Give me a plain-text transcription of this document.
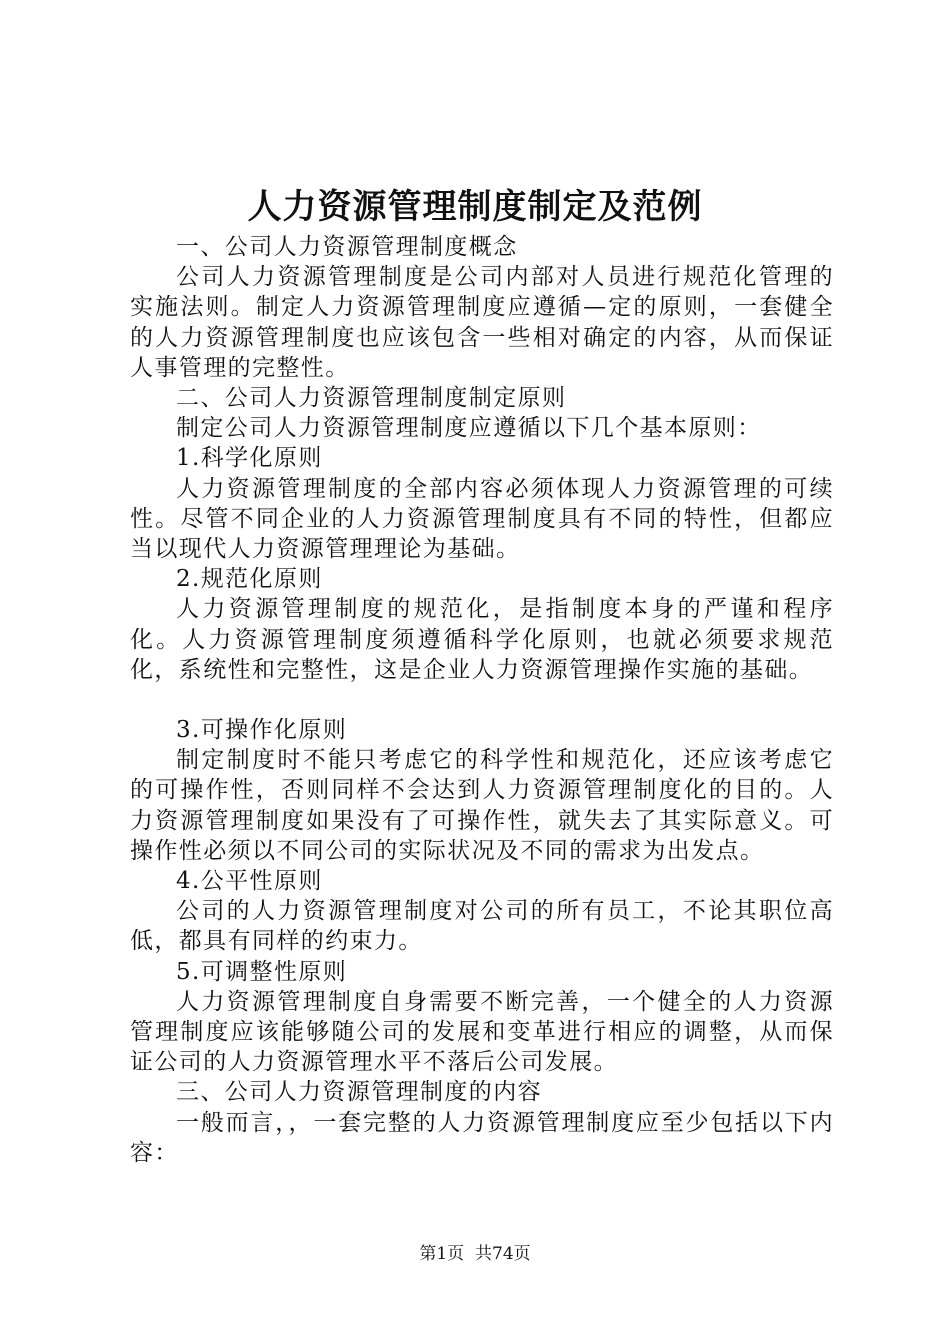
人力资源管理制度制定及范例

一、公司人力资源管理制度概念

公司人力资源管理制度是公司内部对人员进行规范化管理的实施法则。制定人力资源管理制度应遵循—定的原则，一套健全的人力资源管理制度也应该包含一些相对确定的内容，从而保证人事管理的完整性。

二、公司人力资源管理制度制定原则

制定公司人力资源管理制度应遵循以下几个基本原则：

1.科学化原则

人力资源管理制度的全部内容必须体现人力资源管理的可续性。尽管不同企业的人力资源管理制度具有不同的特性，但都应当以现代人力资源管理理论为基础。

2.规范化原则

人力资源管理制度的规范化，是指制度本身的严谨和程序化。人力资源管理制度须遵循科学化原则，也就必须要求规范化，系统性和完整性，这是企业人力资源管理操作实施的基础。

3.可操作化原则

制定制度时不能只考虑它的科学性和规范化，还应该考虑它的可操作性，否则同样不会达到人力资源管理制度化的目的。人力资源管理制度如果没有了可操作性，就失去了其实际意义。可操作性必须以不同公司的实际状况及不同的需求为出发点。

4.公平性原则

公司的人力资源管理制度对公司的所有员工，不论其职位高低，都具有同样的约束力。

5.可调整性原则

人力资源管理制度自身需要不断完善，一个健全的人力资源管理制度应该能够随公司的发展和变革进行相应的调整，从而保证公司的人力资源管理水平不落后公司发展。

三、公司人力资源管理制度的内容

一般而言，，一套完整的人力资源管理制度应至少包括以下内容：

第1页 共74页
